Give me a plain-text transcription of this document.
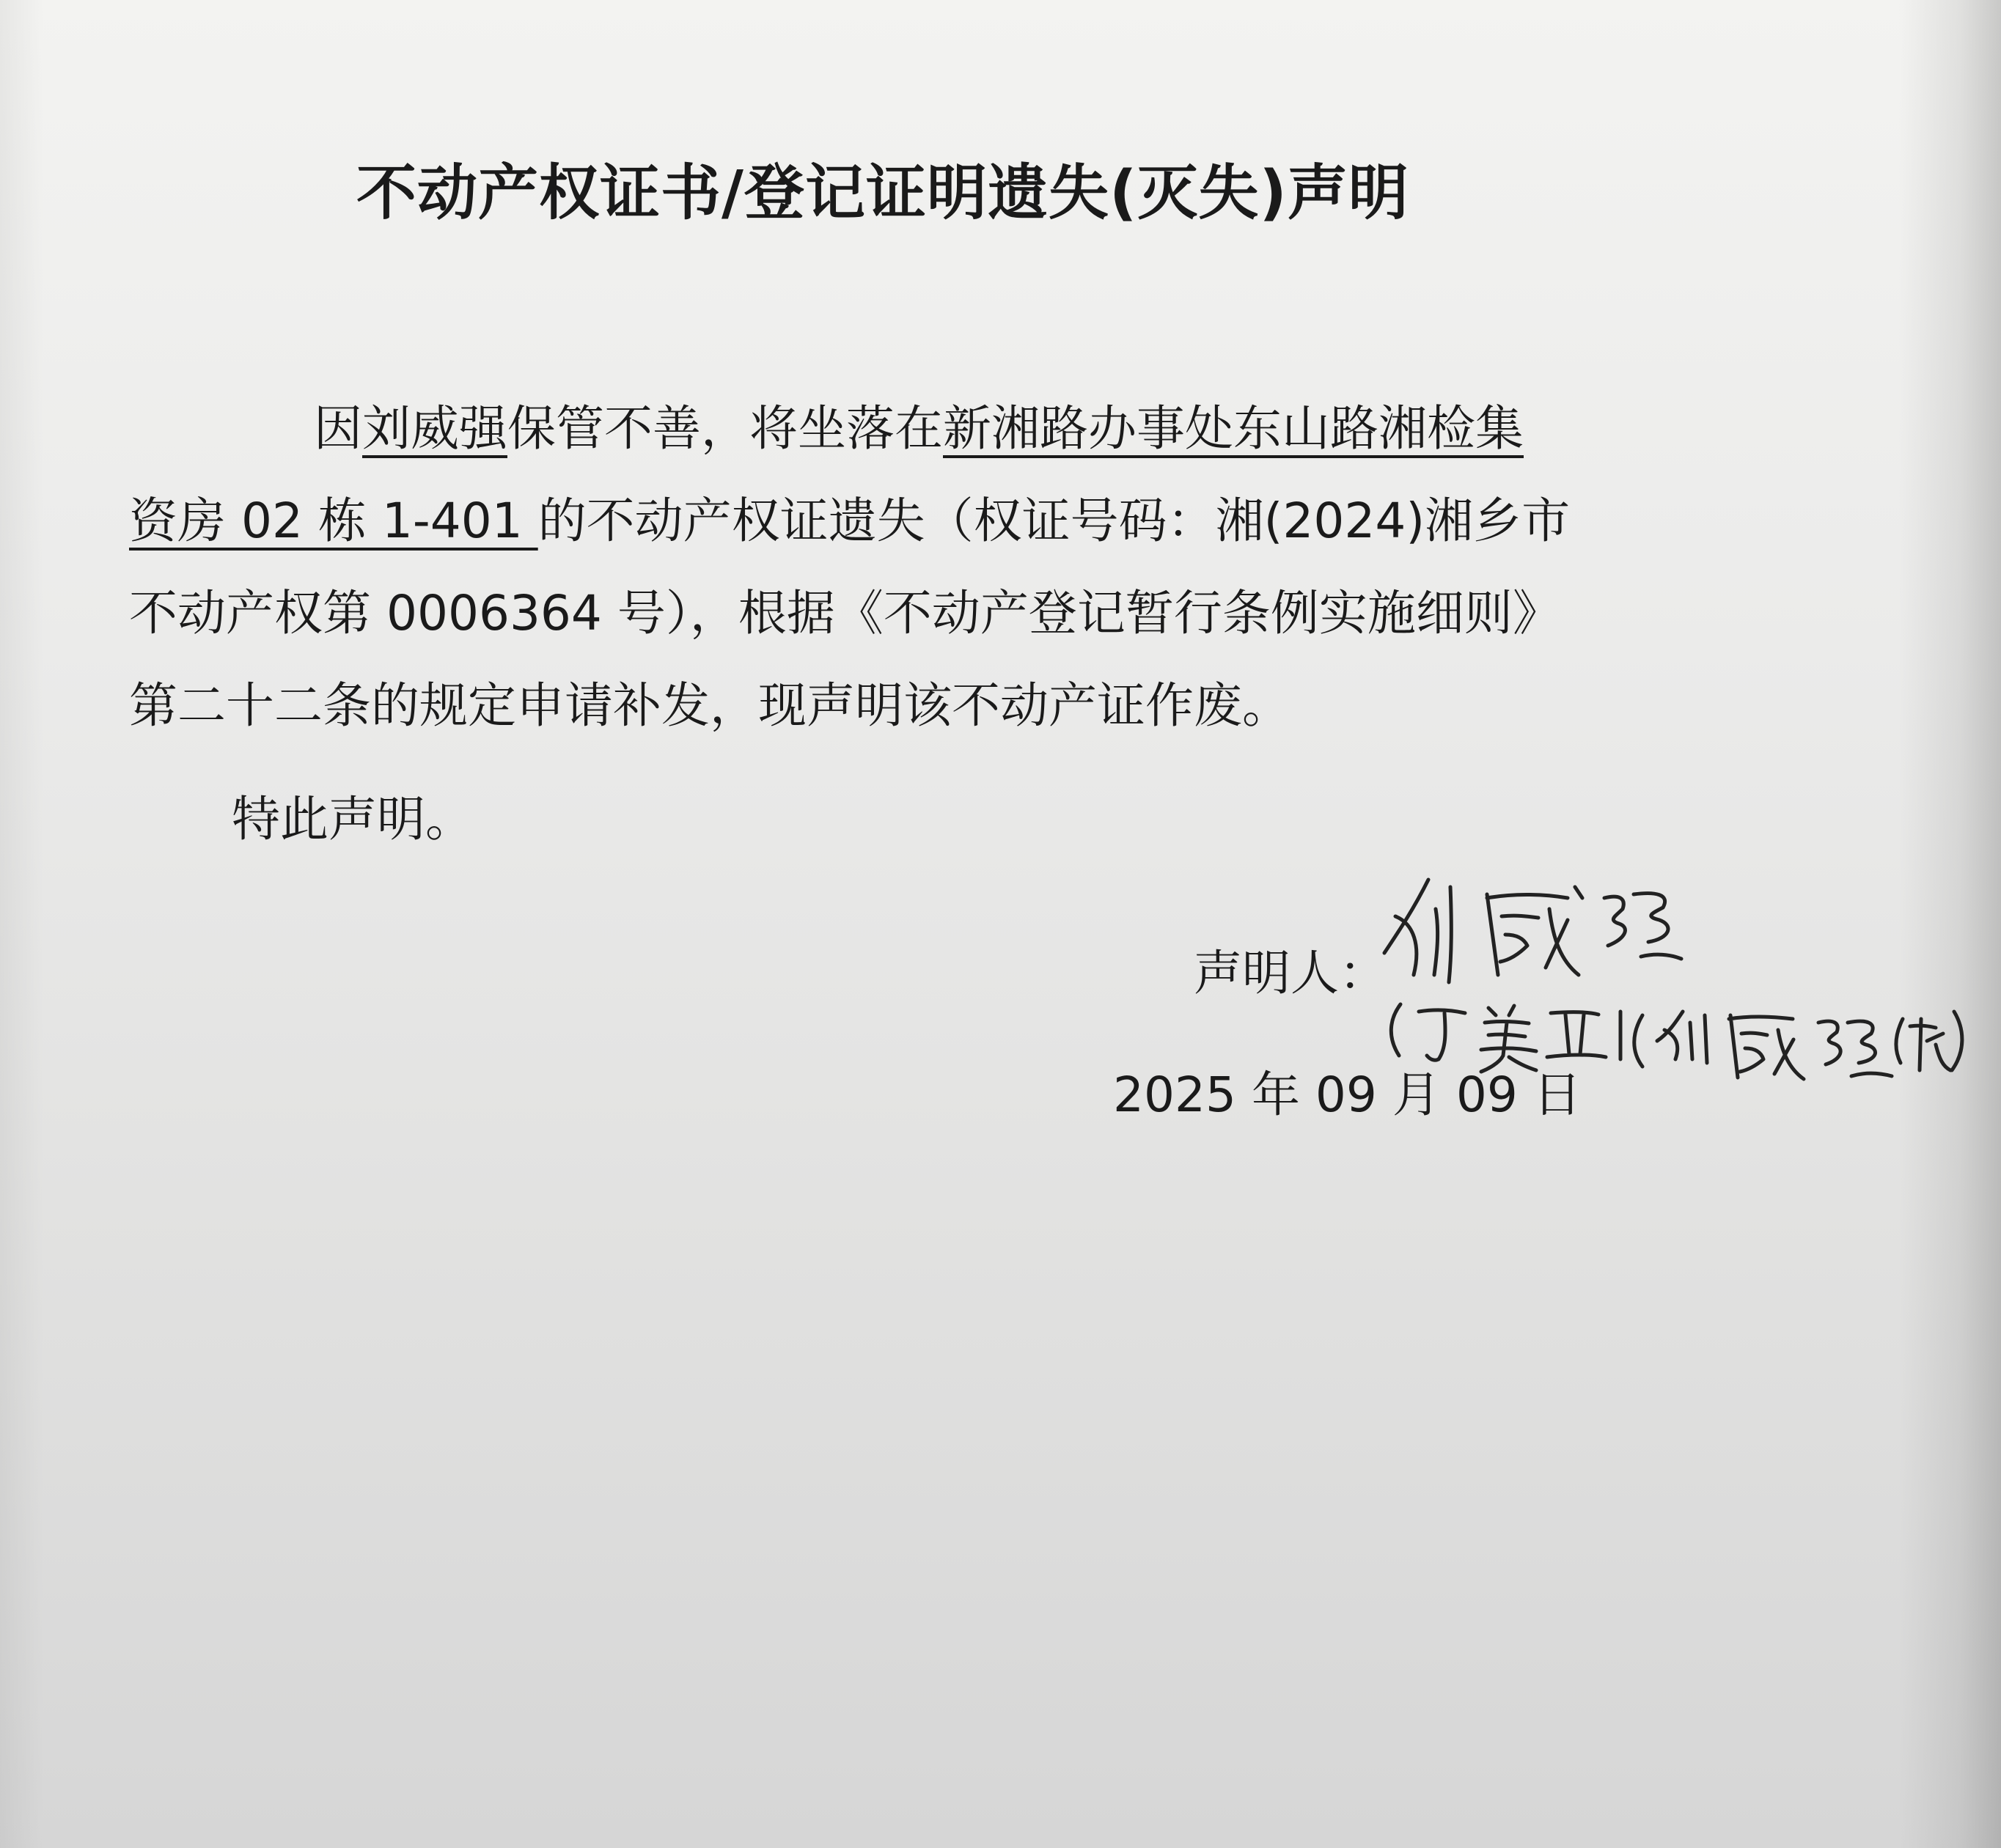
不动产权证书/登记证明遗失(灭失)声明
因刘威强保管不善，将坐落在新湘路办事处东山路湘检集
资房 02 栋 1-401 的不动产权证遗失（权证号码：湘(2024)湘乡市
不动产权第 0006364 号），根据《不动产登记暂行条例实施细则》
第二十二条的规定申请补发，现声明该不动产证作废。
特此声明。
声明人：
2025 年 09 月 09 日
